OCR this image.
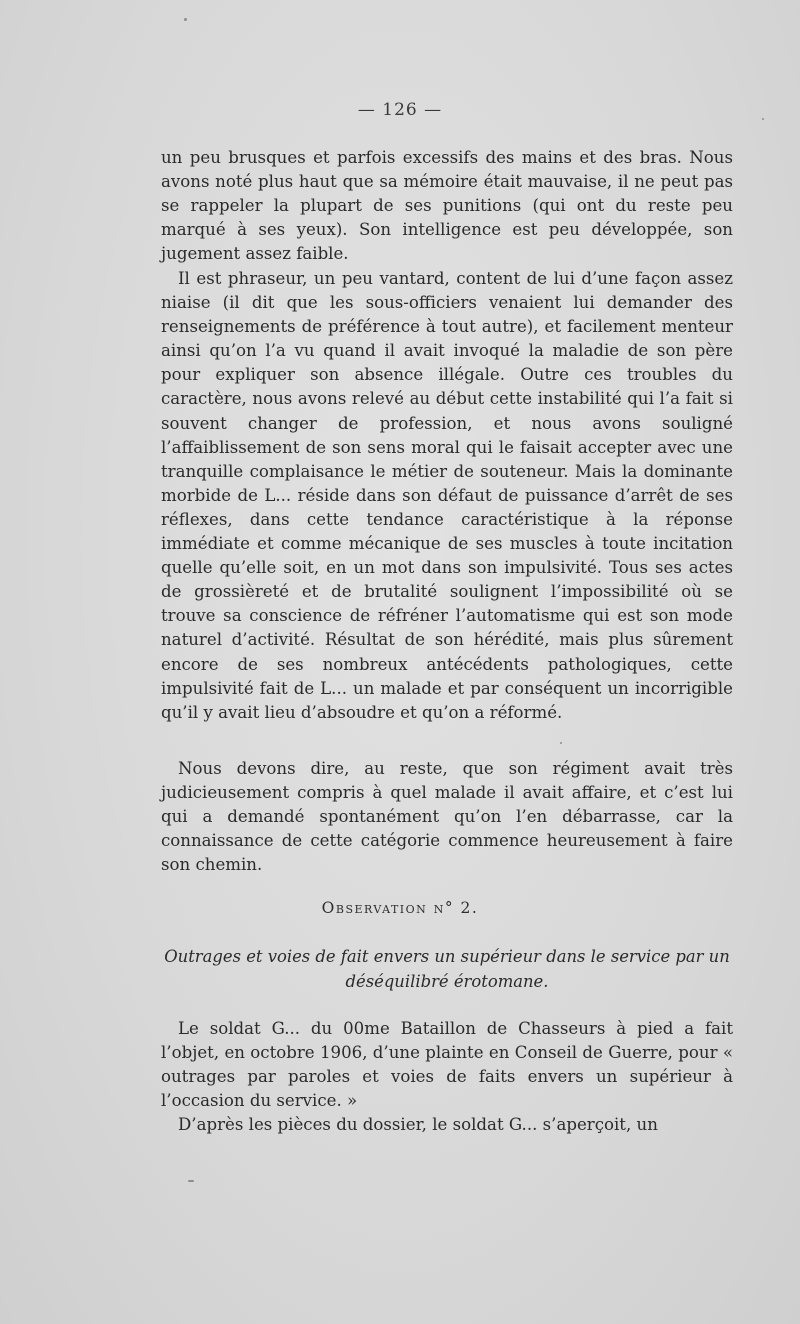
— 126 —

un peu brusques et parfois excessifs des mains et des bras. Nous avons noté plus haut que sa mémoire était mauvaise, il ne peut pas se rappeler la plupart de ses punitions (qui ont du reste peu marqué à ses yeux). Son intelligence est peu développée, son jugement assez faible.

Il est phraseur, un peu vantard, content de lui d’une façon assez niaise (il dit que les sous-officiers venaient lui demander des renseignements de préférence à tout autre), et facilement menteur ainsi qu’on l’a vu quand il avait invoqué la maladie de son père pour expliquer son absence illégale. Outre ces troubles du caractère, nous avons relevé au début cette instabilité qui l’a fait si souvent changer de profession, et nous avons souligné l’affaiblissement de son sens moral qui le faisait accepter avec une tranquille complaisance le métier de souteneur. Mais la dominante morbide de L... réside dans son défaut de puissance d’arrêt de ses réflexes, dans cette tendance caractéristique à la réponse immédiate et comme mécanique de ses muscles à toute incitation quelle qu’elle soit, en un mot dans son impulsivité. Tous ses actes de grossièreté et de brutalité soulignent l’impossibilité où se trouve sa conscience de réfréner l’automatisme qui est son mode naturel d’activité. Résultat de son hérédité, mais plus sûrement encore de ses nombreux antécédents pathologiques, cette impulsivité fait de L... un malade et par conséquent un incorrigible qu’il y avait lieu d’absoudre et qu’on a réformé.

Nous devons dire, au reste, que son régiment avait très judicieusement compris à quel malade il avait affaire, et c’est lui qui a demandé spontanément qu’on l’en débarrasse, car la connaissance de cette catégorie commence heureusement à faire son chemin.

Observation n° 2.
Outrages et voies de fait envers un supérieur dans le service par un déséquilibré érotomane.

Le soldat G... du 00me Bataillon de Chasseurs à pied a fait l’objet, en octobre 1906, d’une plainte en Conseil de Guerre, pour « outrages par paroles et voies de faits envers un supérieur à l’occasion du service. »

D’après les pièces du dossier, le soldat G... s’aperçoit, un
